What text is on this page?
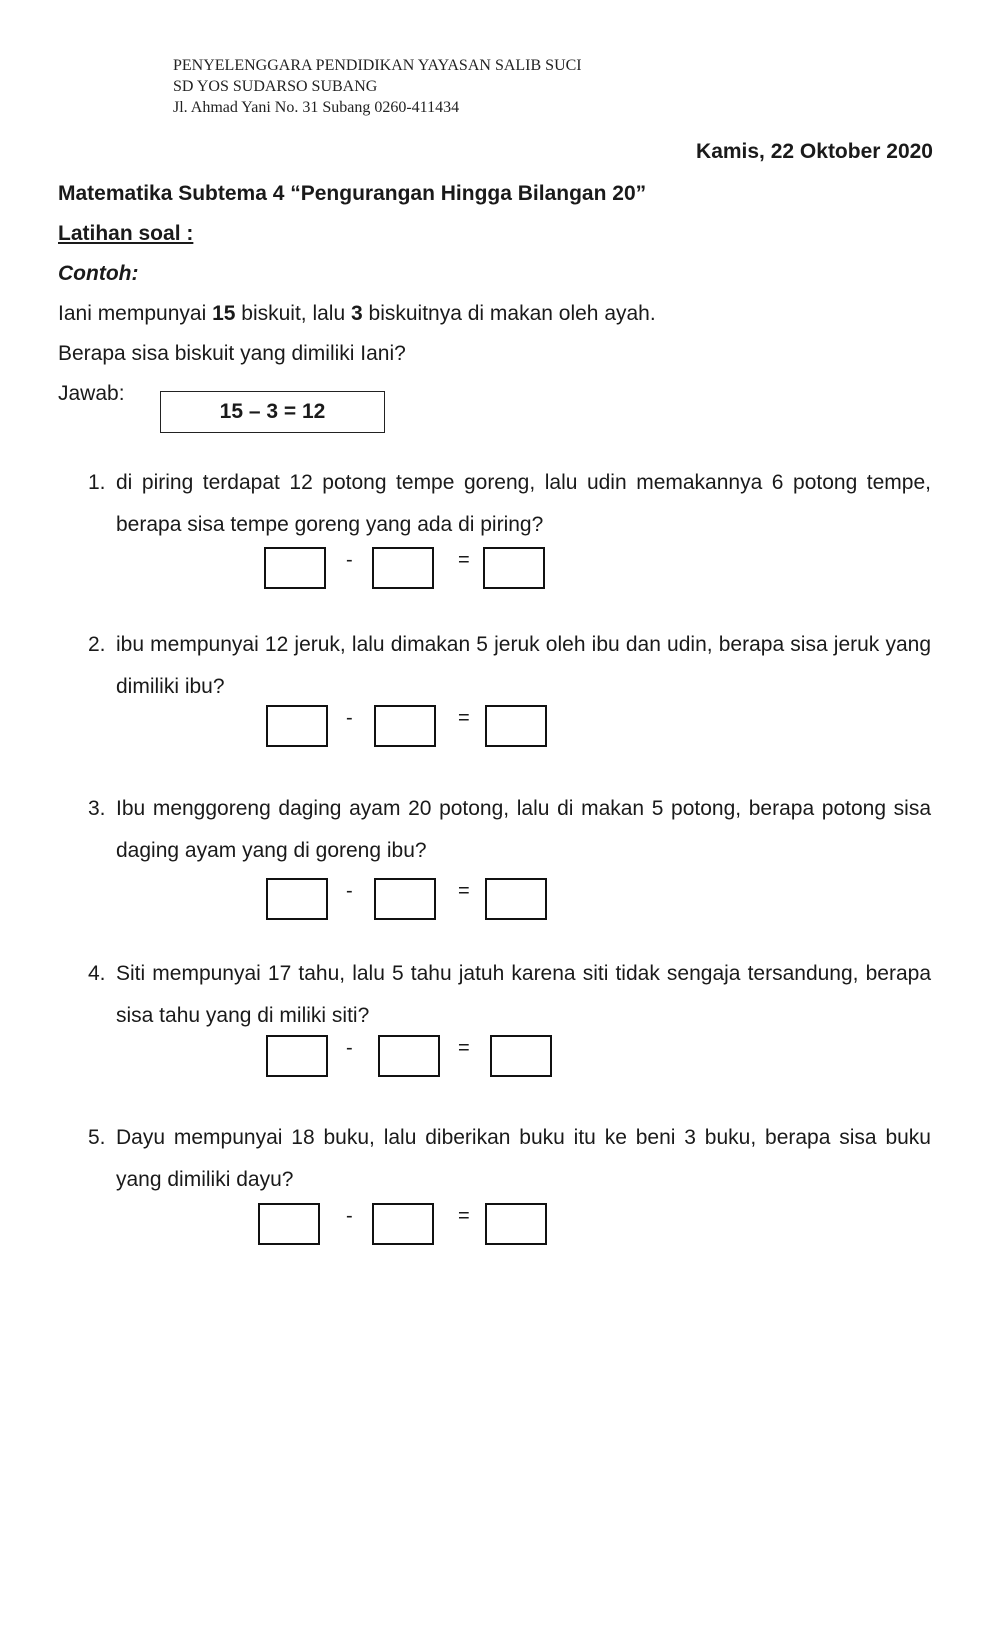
PENYELENGGARA PENDIDIKAN YAYASAN SALIB SUCI
SD YOS SUDARSO SUBANG
Jl. Ahmad Yani No. 31 Subang 0260-411434
Kamis, 22 Oktober 2020
Matematika Subtema 4 “Pengurangan Hingga Bilangan 20”
Latihan soal :
Contoh:
Iani mempunyai 15 biskuit, lalu 3 biskuitnya di makan oleh ayah.
Berapa sisa biskuit yang dimiliki Iani?
Jawab:
15 – 3 = 12
1. di piring terdapat 12 potong tempe goreng, lalu udin memakannya 6 potong tempe, berapa sisa tempe goreng yang ada di piring?
-	=
2. ibu mempunyai 12 jeruk, lalu dimakan 5 jeruk oleh ibu dan udin, berapa sisa jeruk yang dimiliki ibu?
-	=
3. Ibu menggoreng daging ayam 20 potong, lalu di makan 5 potong, berapa potong sisa daging ayam yang di goreng ibu?
-	=
4. Siti mempunyai 17 tahu, lalu 5 tahu jatuh karena siti tidak sengaja tersandung, berapa sisa tahu yang di miliki siti?
-	=
5. Dayu mempunyai 18 buku, lalu diberikan buku itu ke beni 3 buku, berapa sisa buku yang dimiliki dayu?
-	=
